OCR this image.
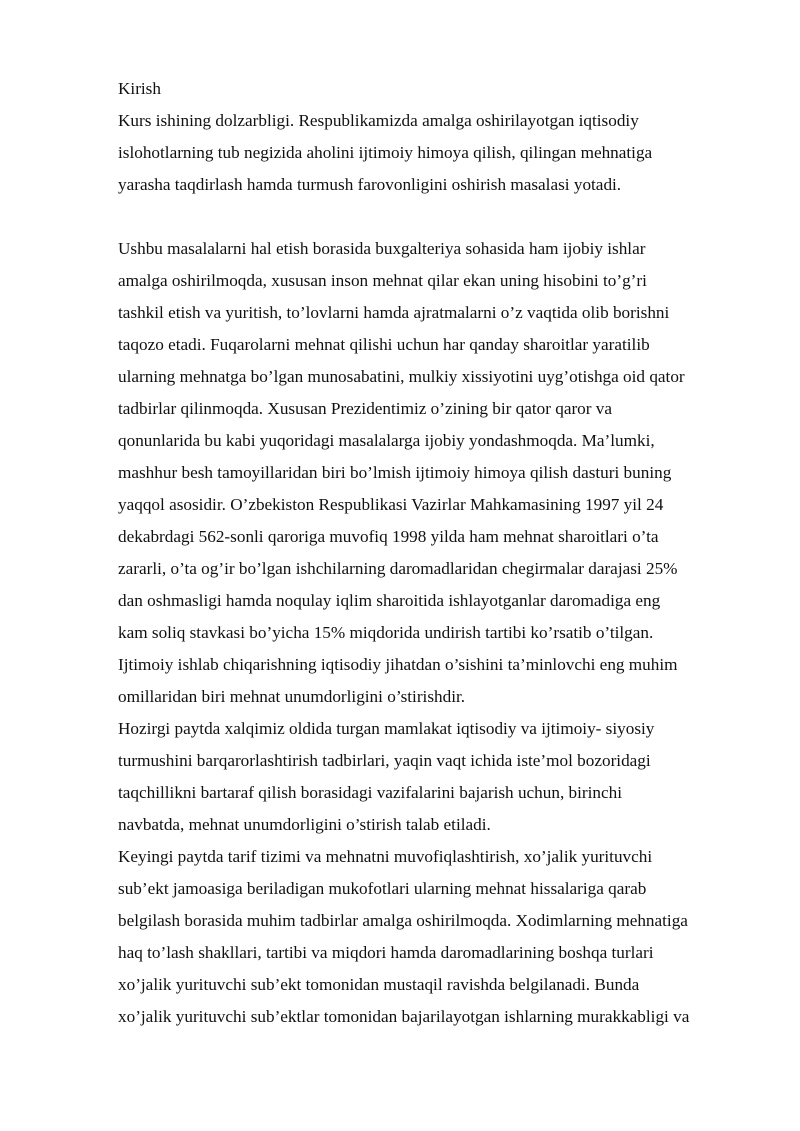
Kirish
Kurs ishining dolzarbligi. Respublikamizda amalga oshirilayotgan iqtisodiy
islohotlarning tub negizida aholini ijtimoiy himoya qilish, qilingan mehnatiga
yarasha taqdirlash hamda turmush farovonligini oshirish masalasi yotadi.
Ushbu masalalarni hal etish borasida buxgalteriya sohasida ham ijobiy ishlar
amalga oshirilmoqda, xususan inson mehnat qilar ekan uning hisobini to’g’ri
tashkil etish va yuritish, to’lovlarni hamda ajratmalarni o’z vaqtida olib borishni
taqozo etadi. Fuqarolarni mehnat qilishi uchun har qanday sharoitlar yaratilib
ularning mehnatga bo’lgan munosabatini, mulkiy xissiyotini uyg’otishga oid qator
tadbirlar qilinmoqda. Xususan Prezidentimiz o’zining bir qator qaror va
qonunlarida bu kabi yuqoridagi masalalarga ijobiy yondashmoqda. Ma’lumki,
mashhur besh tamoyillaridan biri bo’lmish ijtimoiy himoya qilish dasturi buning
yaqqol asosidir. O’zbekiston Respublikasi Vazirlar Mahkamasining 1997 yil 24
dekabrdagi 562-sonli qaroriga muvofiq 1998 yilda ham mehnat sharoitlari o’ta
zararli, o’ta og’ir bo’lgan ishchilarning daromadlaridan chegirmalar darajasi 25%
dan oshmasligi hamda noqulay iqlim sharoitida ishlayotganlar daromadiga eng
kam soliq stavkasi bo’yicha 15% miqdorida undirish tartibi ko’rsatib o’tilgan.
Ijtimoiy ishlab chiqarishning iqtisodiy jihatdan o’sishini ta’minlovchi eng muhim
omillaridan biri mehnat unumdorligini o’stirishdir.
Hozirgi paytda xalqimiz oldida turgan mamlakat iqtisodiy va ijtimoiy- siyosiy
turmushini barqarorlashtirish tadbirlari, yaqin vaqt ichida iste’mol bozoridagi
taqchillikni bartaraf qilish borasidagi vazifalarini bajarish uchun, birinchi
navbatda, mehnat unumdorligini o’stirish talab etiladi.
Keyingi paytda tarif tizimi va mehnatni muvofiqlashtirish, xo’jalik yurituvchi
sub’ekt jamoasiga beriladigan mukofotlari ularning mehnat hissalariga qarab
belgilash borasida muhim tadbirlar amalga oshirilmoqda. Xodimlarning mehnatiga
haq to’lash shakllari, tartibi va miqdori hamda daromadlarining boshqa turlari
xo’jalik yurituvchi sub’ekt tomonidan mustaqil ravishda belgilanadi. Bunda
xo’jalik yurituvchi sub’ektlar tomonidan bajarilayotgan ishlarning murakkabligi va
